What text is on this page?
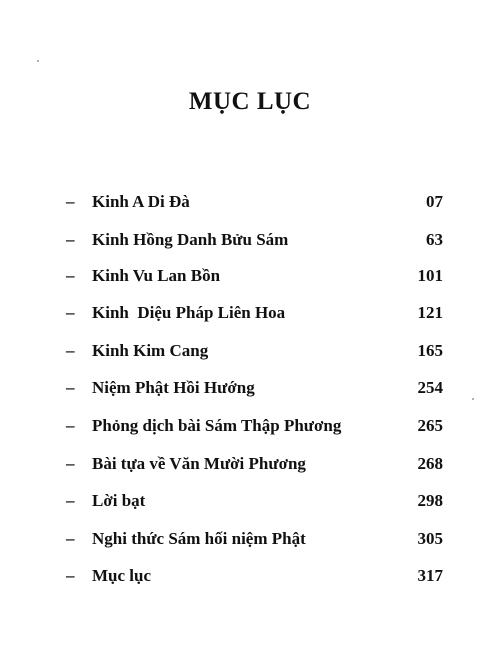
MỤC LỤC
– Kinh A Di Đà	07
– Kinh Hồng Danh Bửu Sám	63
– Kinh Vu Lan Bồn	101
– Kinh  Diệu Pháp Liên Hoa	121
– Kinh Kim Cang	165
– Niệm Phật Hồi Hướng	254
– Phỏng dịch bài Sám Thập Phương	265
– Bài tựa về Văn Mười Phương	268
– Lời bạt	298
– Nghi thức Sám hối niệm Phật	305
– Mục lục	317
